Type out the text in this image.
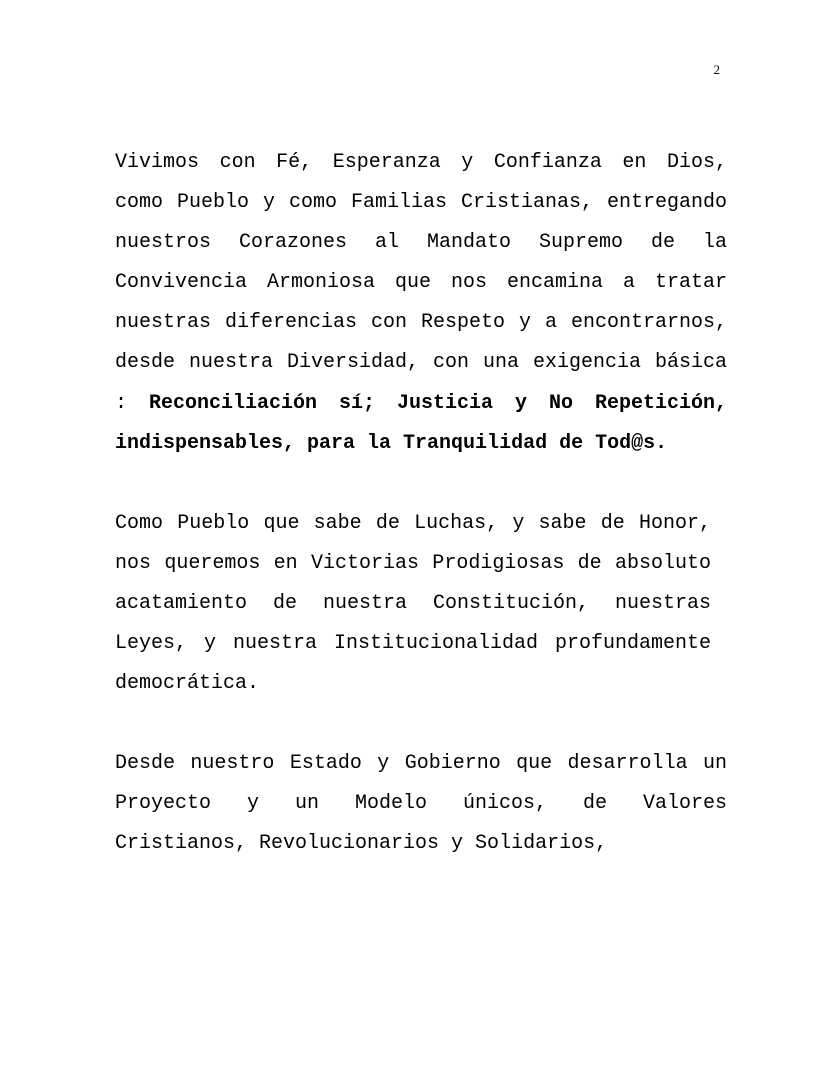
2

Vivimos con Fé, Esperanza y Confianza en Dios, como Pueblo y como Familias Cristianas, entregando nuestros Corazones al Mandato Supremo de la Convivencia Armoniosa que nos encamina a tratar nuestras diferencias con Respeto y a encontrarnos, desde nuestra Diversidad, con una exigencia básica : Reconciliación sí; Justicia y No Repetición, indispensables, para la Tranquilidad de Tod@s.

Como Pueblo que sabe de Luchas, y sabe de Honor, nos queremos en Victorias Prodigiosas de absoluto acatamiento de nuestra Constitución, nuestras Leyes, y nuestra Institucionalidad profundamente democrática.

Desde nuestro Estado y Gobierno que desarrolla un Proyecto y un Modelo únicos, de Valores Cristianos, Revolucionarios y Solidarios,
